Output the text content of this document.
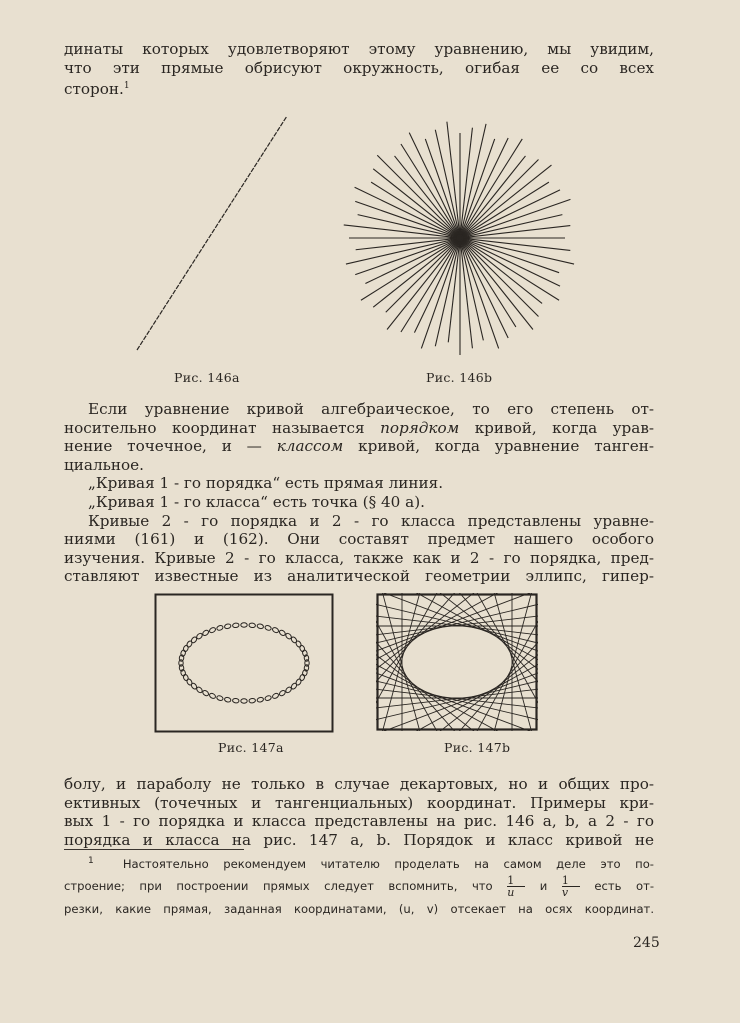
динаты которых удовлетворяют этому уравнению, мы увидим,
что эти прямые обрисуют окружность, огибая ее со всех
сторон.$^1$
Рис. 146a	Рис. 146b
Если уравнение кривой алгебраическое, то его степень от-
носительно координат называется порядком кривой, когда урав-
нение точечное, и — классом кривой, когда уравнение танген-
циальное.
„Кривая 1 - го порядка“ есть прямая линия.
„Кривая 1 - го класса“ есть точка (§ 40 a).
Кривые 2 - го порядка и 2 - го класса представлены уравне-
ниями (161) и (162). Они составят предмет нашего особого
изучения. Кривые 2 - го класса, также как и 2 - го порядка, пред-
ставляют известные из аналитической геометрии эллипс, гипер-
Рис. 147a	Рис. 147b
болу, и параболу не только в случае декартовых, но и общих про-
ективных (точечных и тангенциальных) координат. Примеры кри-
вых 1 - го порядка и класса представлены на рис. 146 a, b, а 2 - го
порядка и класса на рис. 147 a, b. Порядок и класс кривой не
$^1$	Настоятельно рекомендуем читателю проделать на самом деле это по-
строение; при построении прямых следует вспомнить, что $\frac{1}{u}$ и $\frac{1}{v}$ есть от-
резки, какие прямая, заданная координатами, (u, v) отсекает на осях координат.
245
